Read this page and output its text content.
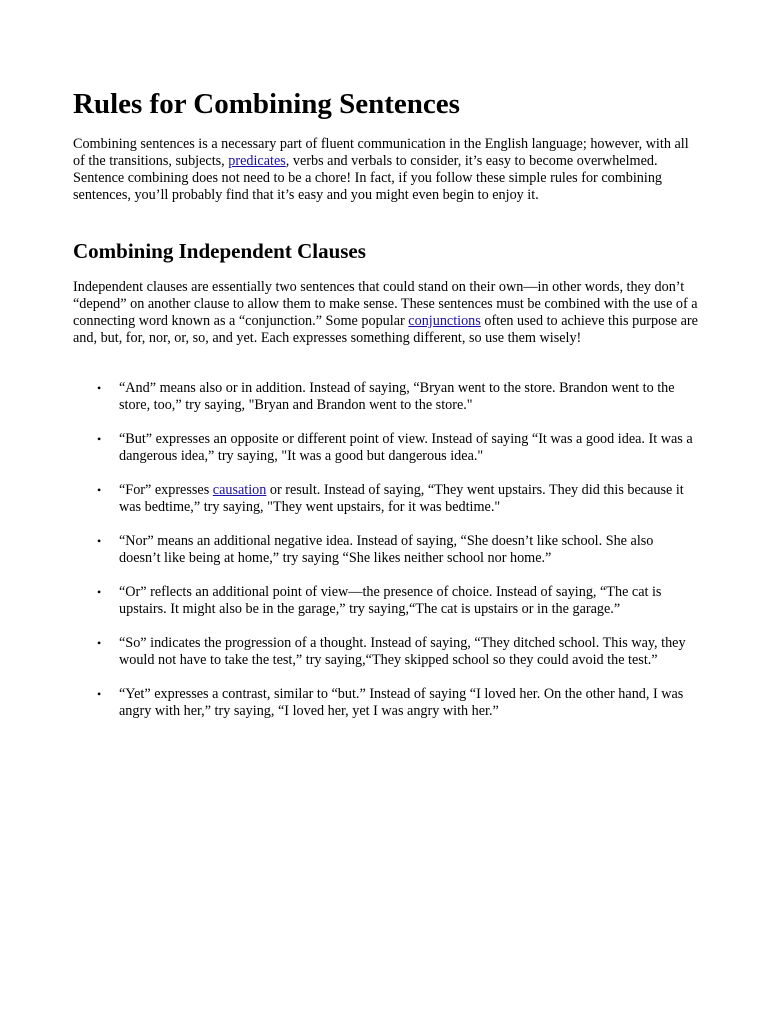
Rules for Combining Sentences

Combining sentences is a necessary part of fluent communication in the English language; however, with all of the transitions, subjects, predicates, verbs and verbals to consider, it’s easy to become overwhelmed. Sentence combining does not need to be a chore! In fact, if you follow these simple rules for combining sentences, you’ll probably find that it’s easy and you might even begin to enjoy it.

Combining Independent Clauses

Independent clauses are essentially two sentences that could stand on their own—in other words, they don’t “depend” on another clause to allow them to make sense. These sentences must be combined with the use of a connecting word known as a “conjunction.” Some popular conjunctions often used to achieve this purpose are and, but, for, nor, or, so, and yet. Each expresses something different, so use them wisely!

• “And” means also or in addition. Instead of saying, “Bryan went to the store. Brandon went to the store, too,” try saying, "Bryan and Brandon went to the store."
• “But” expresses an opposite or different point of view. Instead of saying “It was a good idea. It was a dangerous idea,” try saying, "It was a good but dangerous idea."
• “For” expresses causation or result. Instead of saying, “They went upstairs. They did this because it was bedtime,” try saying, "They went upstairs, for it was bedtime."
• “Nor” means an additional negative idea. Instead of saying, “She doesn’t like school. She also doesn’t like being at home,” try saying “She likes neither school nor home.”
• “Or” reflects an additional point of view—the presence of choice. Instead of saying, “The cat is upstairs. It might also be in the garage,” try saying,“The cat is upstairs or in the garage.”
• “So” indicates the progression of a thought. Instead of saying, “They ditched school. This way, they would not have to take the test,” try saying,“They skipped school so they could avoid the test.”
• “Yet” expresses a contrast, similar to “but.” Instead of saying “I loved her. On the other hand, I was angry with her,” try saying, “I loved her, yet I was angry with her.”
